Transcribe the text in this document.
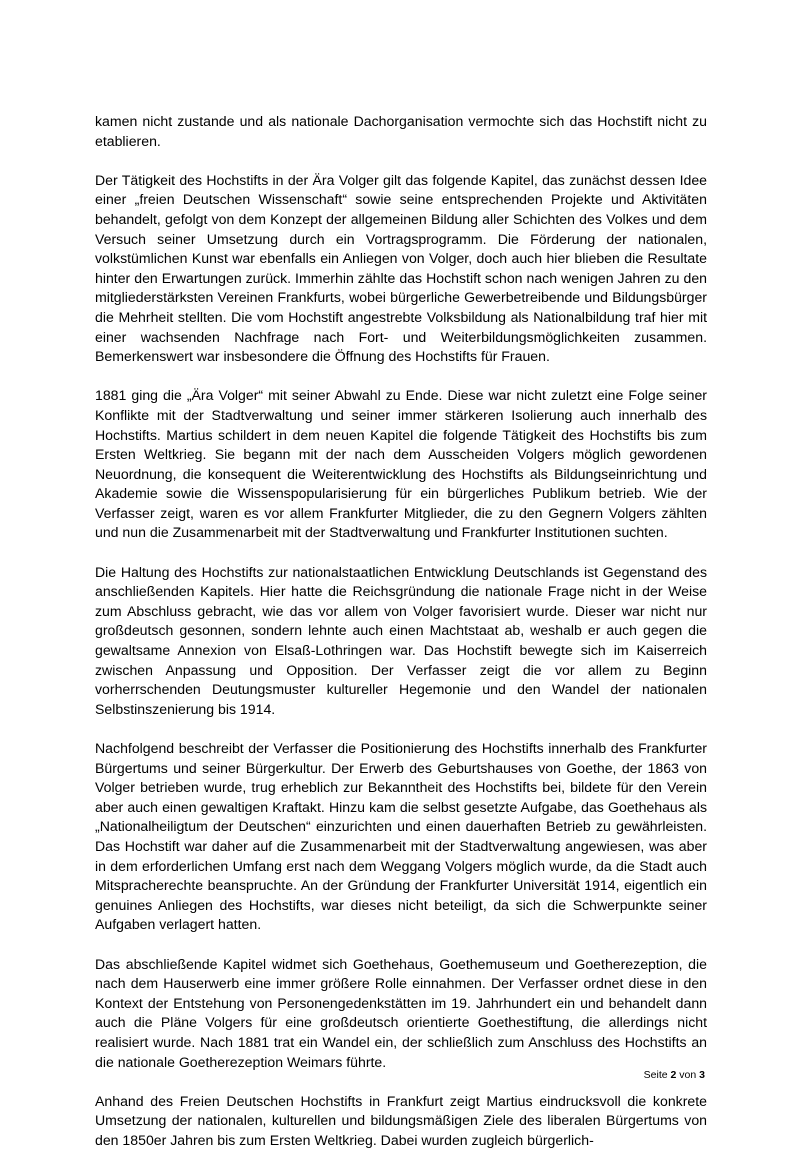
kamen nicht zustande und als nationale Dachorganisation vermochte sich das Hochstift nicht zu etablieren.

Der Tätigkeit des Hochstifts in der Ära Volger gilt das folgende Kapitel, das zunächst dessen Idee einer „freien Deutschen Wissenschaft“ sowie seine entsprechenden Projekte und Aktivitäten behandelt, gefolgt von dem Konzept der allgemeinen Bildung aller Schichten des Volkes und dem Versuch seiner Umsetzung durch ein Vortragsprogramm. Die Förderung der nationalen, volkstümlichen Kunst war ebenfalls ein Anliegen von Volger, doch auch hier blieben die Resultate hinter den Erwartungen zurück. Immerhin zählte das Hochstift schon nach wenigen Jahren zu den mitgliederstärksten Vereinen Frankfurts, wobei bürgerliche Gewerbetreibende und Bildungsbürger die Mehrheit stellten. Die vom Hochstift angestrebte Volksbildung als Nationalbildung traf hier mit einer wachsenden Nachfrage nach Fort- und Weiterbildungsmöglichkeiten zusammen. Bemerkenswert war insbesondere die Öffnung des Hochstifts für Frauen.

1881 ging die „Ära Volger“ mit seiner Abwahl zu Ende. Diese war nicht zuletzt eine Folge seiner Konflikte mit der Stadtverwaltung und seiner immer stärkeren Isolierung auch innerhalb des Hochstifts. Martius schildert in dem neuen Kapitel die folgende Tätigkeit des Hochstifts bis zum Ersten Weltkrieg. Sie begann mit der nach dem Ausscheiden Volgers möglich gewordenen Neuordnung, die konsequent die Weiterentwicklung des Hochstifts als Bildungseinrichtung und Akademie sowie die Wissenspopularisierung für ein bürgerliches Publikum betrieb. Wie der Verfasser zeigt, waren es vor allem Frankfurter Mitglieder, die zu den Gegnern Volgers zählten und nun die Zusammenarbeit mit der Stadtverwaltung und Frankfurter Institutionen suchten.

Die Haltung des Hochstifts zur nationalstaatlichen Entwicklung Deutschlands ist Gegenstand des anschließenden Kapitels. Hier hatte die Reichsgründung die nationale Frage nicht in der Weise zum Abschluss gebracht, wie das vor allem von Volger favorisiert wurde. Dieser war nicht nur großdeutsch gesonnen, sondern lehnte auch einen Machtstaat ab, weshalb er auch gegen die gewaltsame Annexion von Elsaß-Lothringen war. Das Hochstift bewegte sich im Kaiserreich zwischen Anpassung und Opposition. Der Verfasser zeigt die vor allem zu Beginn vorherrschenden Deutungsmuster kultureller Hegemonie und den Wandel der nationalen Selbstinszenierung bis 1914.

Nachfolgend beschreibt der Verfasser die Positionierung des Hochstifts innerhalb des Frankfurter Bürgertums und seiner Bürgerkultur. Der Erwerb des Geburtshauses von Goethe, der 1863 von Volger betrieben wurde, trug erheblich zur Bekanntheit des Hochstifts bei, bildete für den Verein aber auch einen gewaltigen Kraftakt. Hinzu kam die selbst gesetzte Aufgabe, das Goethehaus als „Nationalheiligtum der Deutschen“ einzurichten und einen dauerhaften Betrieb zu gewährleisten. Das Hochstift war daher auf die Zusammenarbeit mit der Stadtverwaltung angewiesen, was aber in dem erforderlichen Umfang erst nach dem Weggang Volgers möglich wurde, da die Stadt auch Mitspracherechte beanspruchte. An der Gründung der Frankfurter Universität 1914, eigentlich ein genuines Anliegen des Hochstifts, war dieses nicht beteiligt, da sich die Schwerpunkte seiner Aufgaben verlagert hatten.

Das abschließende Kapitel widmet sich Goethehaus, Goethemuseum und Goetherezeption, die nach dem Hauserwerb eine immer größere Rolle einnahmen. Der Verfasser ordnet diese in den Kontext der Entstehung von Personengedenkstätten im 19. Jahrhundert ein und behandelt dann auch die Pläne Volgers für eine großdeutsch orientierte Goethestiftung, die allerdings nicht realisiert wurde. Nach 1881 trat ein Wandel ein, der schließlich zum Anschluss des Hochstifts an die nationale Goetherezeption Weimars führte.

Anhand des Freien Deutschen Hochstifts in Frankfurt zeigt Martius eindrucksvoll die konkrete Umsetzung der nationalen, kulturellen und bildungsmäßigen Ziele des liberalen Bürgertums von den 1850er Jahren bis zum Ersten Weltkrieg. Dabei wurden zugleich bürgerlich-

Seite 2 von 3
